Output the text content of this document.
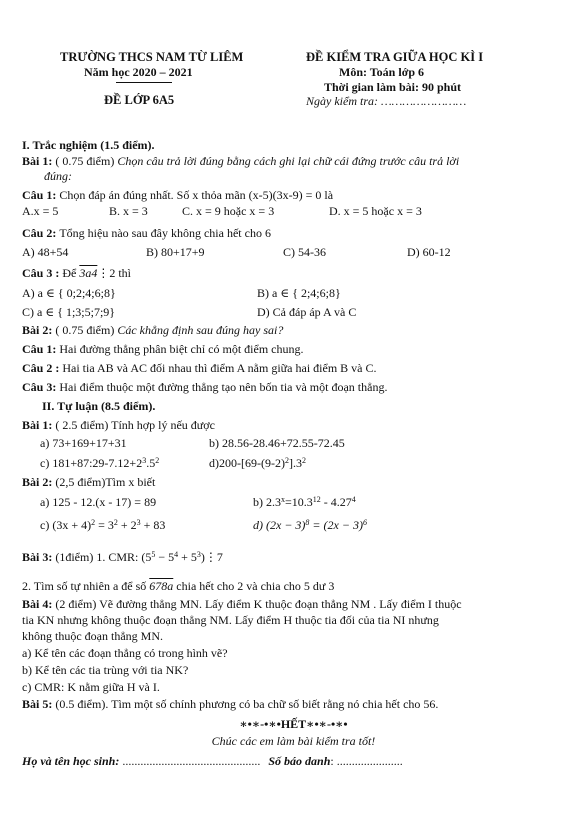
TRƯỜNG THCS NAM TỪ LIÊM
Năm học 2020 – 2021
ĐỀ LỚP 6A5
ĐỀ KIỂM TRA GIỮA HỌC KÌ I
Môn: Toán lớp 6
Thời gian làm bài: 90 phút
Ngày kiểm tra: ……………………
I. Trắc nghiệm (1.5 điểm).
Bài 1: ( 0.75 điểm) Chọn câu trả lời đúng bằng cách ghi lại chữ cái đứng trước câu trả lời
đúng:
Câu 1: Chọn đáp án đúng nhất. Số x thỏa mãn (x-5)(3x-9) = 0 là
A.x = 5	B. x = 3	C. x = 9 hoặc x = 3	D. x = 5 hoặc x = 3
Câu 2: Tổng hiệu nào sau đây không chia hết cho 6
A) 48+54	B) 80+17+9	C) 54-36	D) 60-12
Câu 3 : Để 3a4⋮2 thì
A) a ∈ { 0;2;4;6;8}	B) a ∈ { 2;4;6;8}
C) a ∈ { 1;3;5;7;9}	D) Cả đáp áp A và C
Bài 2: ( 0.75 điểm) Các khẳng định sau đúng hay sai?
Câu 1: Hai đường thẳng phân biệt chỉ có một điểm chung.
Câu 2 : Hai tia AB và AC đối nhau thì điểm A nằm giữa hai điểm B và C.
Câu 3: Hai điểm thuộc một đường thẳng tạo nên bốn tia và một đoạn thẳng.
II. Tự luận (8.5 điểm).
Bài 1: ( 2.5 điểm) Tính hợp lý nếu được
a) 73+169+17+31	b) 28.56-28.46+72.55-72.45
c) $181+87:29-7.12+2^3.5^2$	$d)200-[69-(9-2)^2].3^2$
Bài 2: (2,5 điểm)Tìm x biết
a) 125 - 12.(x - 17) = 89	b) $2.3^x=10.3^{12} - 4.27^4$
c) $(3x + 4)^2 = 3^2 + 2^3 + 83$	d) $(2x - 3)^8 = (2x - 3)^6$
Bài 3: (1điểm) 1. CMR: ($5^5 - 5^4$ + $5^3)⋮7$
2. Tìm số tự nhiên a để số 678a chia hết cho 2 và chia cho 5 dư 3
Bài 4: (2 điểm) Vẽ đường thẳng MN. Lấy điểm K thuộc đoạn thẳng NM . Lấy điểm I thuộc
tia KN nhưng không thuộc đoạn thẳng NM. Lấy điểm H thuộc tia đối của tia NI nhưng
không thuộc đoạn thẳng MN.
a) Kể tên các đoạn thẳng có trong hình vẽ?
b) Kể tên các tia trùng với tia NK?
c) CMR: K nằm giữa H và I.
Bài 5: (0.5 điểm). Tìm một số chính phương có ba chữ số biết rằng nó chia hết cho 56.
∗•∗-•∗•HẾT∗•∗-•∗•
Chúc các em làm bài kiểm tra tốt!
Họ và tên học sinh: .............................................. Số báo danh: ......................
